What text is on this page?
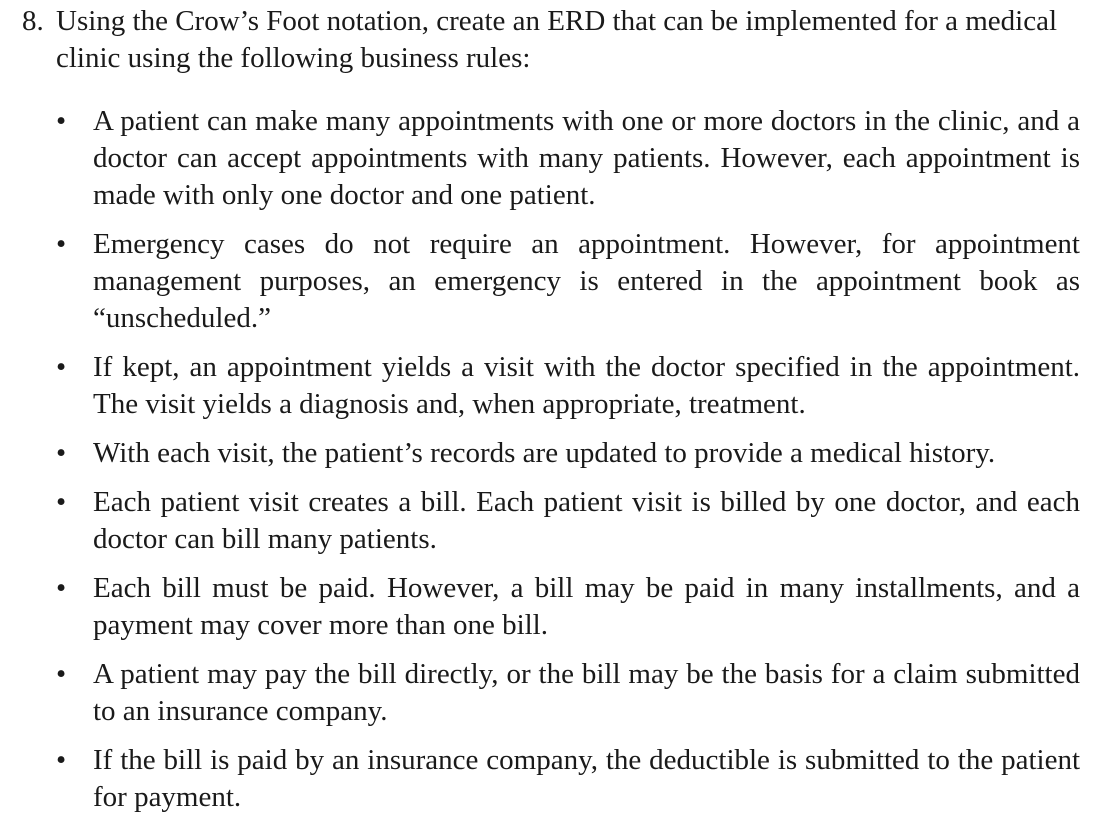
8. Using the Crow’s Foot notation, create an ERD that can be implemented for a medical clinic using the following business rules:

• A patient can make many appointments with one or more doctors in the clinic, and a doctor can accept appointments with many patients. However, each appointment is made with only one doctor and one patient.
• Emergency cases do not require an appointment. However, for appointment management purposes, an emergency is entered in the appointment book as “unscheduled.”
• If kept, an appointment yields a visit with the doctor specified in the appointment. The visit yields a diagnosis and, when appropriate, treatment.
• With each visit, the patient’s records are updated to provide a medical history.
• Each patient visit creates a bill. Each patient visit is billed by one doctor, and each doctor can bill many patients.
• Each bill must be paid. However, a bill may be paid in many installments, and a payment may cover more than one bill.
• A patient may pay the bill directly, or the bill may be the basis for a claim submitted to an insurance company.
• If the bill is paid by an insurance company, the deductible is submitted to the patient for payment.
